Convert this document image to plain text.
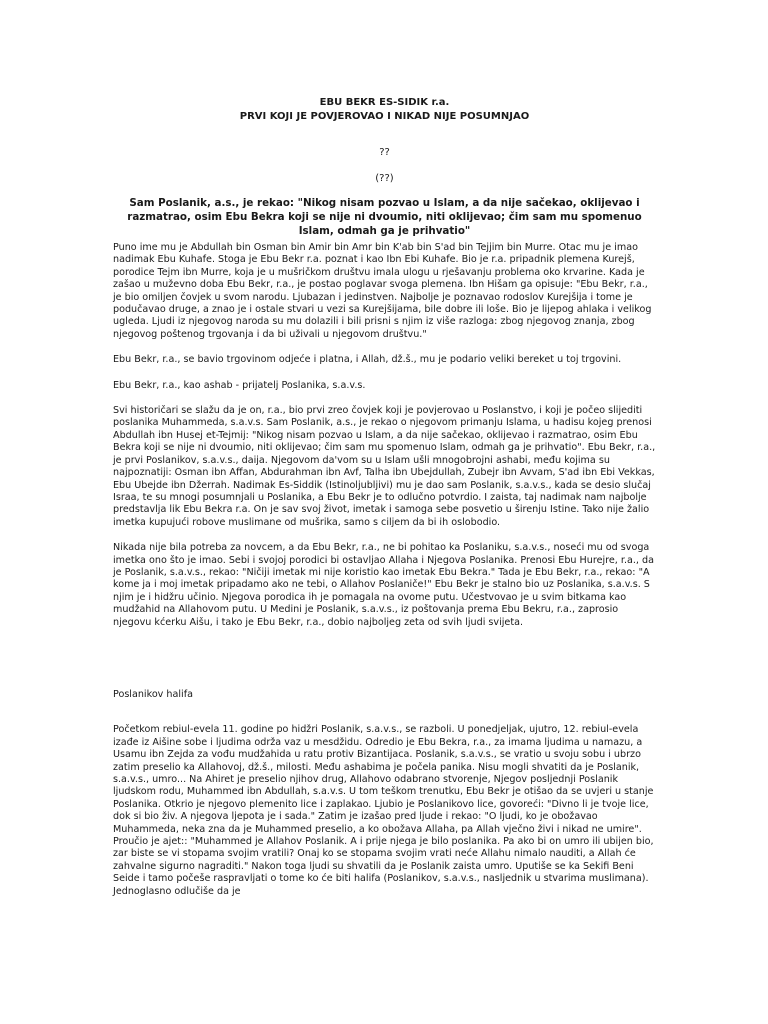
EBU BEKR ES-SIDIK r.a.

PRVI KOJI JE POVJEROVAO I NIKAD NIJE POSUMNJAO

??

(??)

Sam Poslanik, a.s., je rekao: "Nikog nisam pozvao u Islam, a da nije sačekao, oklijevao i razmatrao, osim Ebu Bekra koji se nije ni dvoumio, niti oklijevao; čim sam mu spomenuo Islam, odmah ga je prihvatio"

Puno ime mu je Abdullah bin Osman bin Amir bin Amr bin K'ab bin S'ad bin Tejjim bin Murre. Otac mu je imao nadimak Ebu Kuhafe. Stoga je Ebu Bekr r.a. poznat i kao Ibn Ebi Kuhafe. Bio je r.a. pripadnik plemena Kurejš, porodice Tejm ibn Murre, koja je u mušričkom društvu imala ulogu u rješavanju problema oko krvarine. Kada je zašao u muževno doba Ebu Bekr, r.a., je postao poglavar svoga plemena. Ibn Hišam ga opisuje: "Ebu Bekr, r.a., je bio omiljen čovjek u svom narodu. Ljubazan i jedinstven. Najbolje je poznavao rodoslov Kurejšija i tome je podučavao druge, a znao je i ostale stvari u vezi sa Kurejšijama, bile dobre ili loše. Bio je lijepog ahlaka i velikog ugleda. Ljudi iz njegovog naroda su mu dolazili i bili prisni s njim iz više razloga: zbog njegovog znanja, zbog njegovog poštenog trgovanja i da bi uživali u njegovom društvu."

Ebu Bekr, r.a., se bavio trgovinom odjeće i platna, i Allah, dž.š., mu je podario veliki bereket u toj trgovini.

Ebu Bekr, r.a., kao ashab - prijatelj Poslanika, s.a.v.s.

Svi historičari se slažu da je on, r.a., bio prvi zreo čovjek koji je povjerovao u Poslanstvo, i koji je počeo slijediti poslanika Muhammeda, s.a.v.s. Sam Poslanik, a.s., je rekao o njegovom primanju Islama, u hadisu kojeg prenosi Abdullah ibn Husej et-Tejmij: "Nikog nisam pozvao u Islam, a da nije sačekao, oklijevao i razmatrao, osim Ebu Bekra koji se nije ni dvoumio, niti oklijevao; čim sam mu spomenuo Islam, odmah ga je prihvatio". Ebu Bekr, r.a., je prvi Poslanikov, s.a.v.s., daija. Njegovom da'vom su u Islam ušli mnogobrojni ashabi, među kojima su najpoznatiji: Osman ibn Affan, Abdurahman ibn Avf, Talha ibn Ubejdullah, Zubejr ibn Avvam, S'ad ibn Ebi Vekkas, Ebu Ubejde ibn Džerrah. Nadimak Es-Siddik (Istinoljubljivi) mu je dao sam Poslanik, s.a.v.s., kada se desio slučaj Israa, te su mnogi posumnjali u Poslanika, a Ebu Bekr je to odlučno potvrdio. I zaista, taj nadimak nam najbolje predstavlja lik Ebu Bekra r.a. On je sav svoj život, imetak i samoga sebe posvetio u širenju Istine. Tako nije žalio imetka kupujući robove muslimane od mušrika, samo s ciljem da bi ih oslobodio.

Nikada nije bila potreba za novcem, a da Ebu Bekr, r.a., ne bi pohitao ka Poslaniku, s.a.v.s., noseći mu od svoga imetka ono što je imao. Sebi i svojoj porodici bi ostavljao Allaha i Njegova Poslanika. Prenosi Ebu Hurejre, r.a., da je Poslanik, s.a.v.s., rekao: "Ničiji imetak mi nije koristio kao imetak Ebu Bekra." Tada je Ebu Bekr, r.a., rekao: "A kome ja i moj imetak pripadamo ako ne tebi, o Allahov Poslaniče!" Ebu Bekr je stalno bio uz Poslanika, s.a.v.s. S njim je i hidžru učinio. Njegova porodica ih je pomagala na ovome putu. Učestvovao je u svim bitkama kao mudžahid na Allahovom putu. U Medini je Poslanik, s.a.v.s., iz poštovanja prema Ebu Bekru, r.a., zaprosio njegovu kćerku Aišu, i tako je Ebu Bekr, r.a., dobio najboljeg zeta od svih ljudi svijeta.

Poslanikov halifa

Početkom rebiul-evela 11. godine po hidžri Poslanik, s.a.v.s., se razboli. U ponedjeljak, ujutro, 12. rebiul-evela izađe iz Aišine sobe i ljudima održa vaz u mesdžidu. Odredio je Ebu Bekra, r.a., za imama ljudima u namazu, a Usamu ibn Zejda za vođu mudžahida u ratu protiv Bizantijaca. Poslanik, s.a.v.s., se vratio u svoju sobu i ubrzo zatim preselio ka Allahovoj, dž.š., milosti. Među ashabima je počela panika. Nisu mogli shvatiti da je Poslanik, s.a.v.s., umro... Na Ahiret je preselio njihov drug, Allahovo odabrano stvorenje, Njegov posljednji Poslanik ljudskom rodu, Muhammed ibn Abdullah, s.a.v.s. U tom teškom trenutku, Ebu Bekr je otišao da se uvjeri u stanje Poslanika. Otkrio je njegovo plemenito lice i zaplakao. Ljubio je Poslanikovo lice, govoreći: "Divno li je tvoje lice, dok si bio živ. A njegova ljepota je i sada." Zatim je izašao pred ljude i rekao: "O ljudi, ko je obožavao Muhammeda, neka zna da je Muhammed preselio, a ko obožava Allaha, pa Allah vječno živi i nikad ne umire". Proučio je ajet:: "Muhammed je Allahov Poslanik. A i prije njega je bilo poslanika. Pa ako bi on umro ili ubijen bio, zar biste se vi stopama svojim vratili? Onaj ko se stopama svojim vrati neće Allahu nimalo nauditi, a Allah će zahvalne sigurno nagraditi." Nakon toga ljudi su shvatili da je Poslanik zaista umro. Uputiše se ka Sekifi Beni Seide i tamo počeše raspravljati o tome ko će biti halifa (Poslanikov, s.a.v.s., nasljednik u stvarima muslimana). Jednoglasno odlučiše da je
